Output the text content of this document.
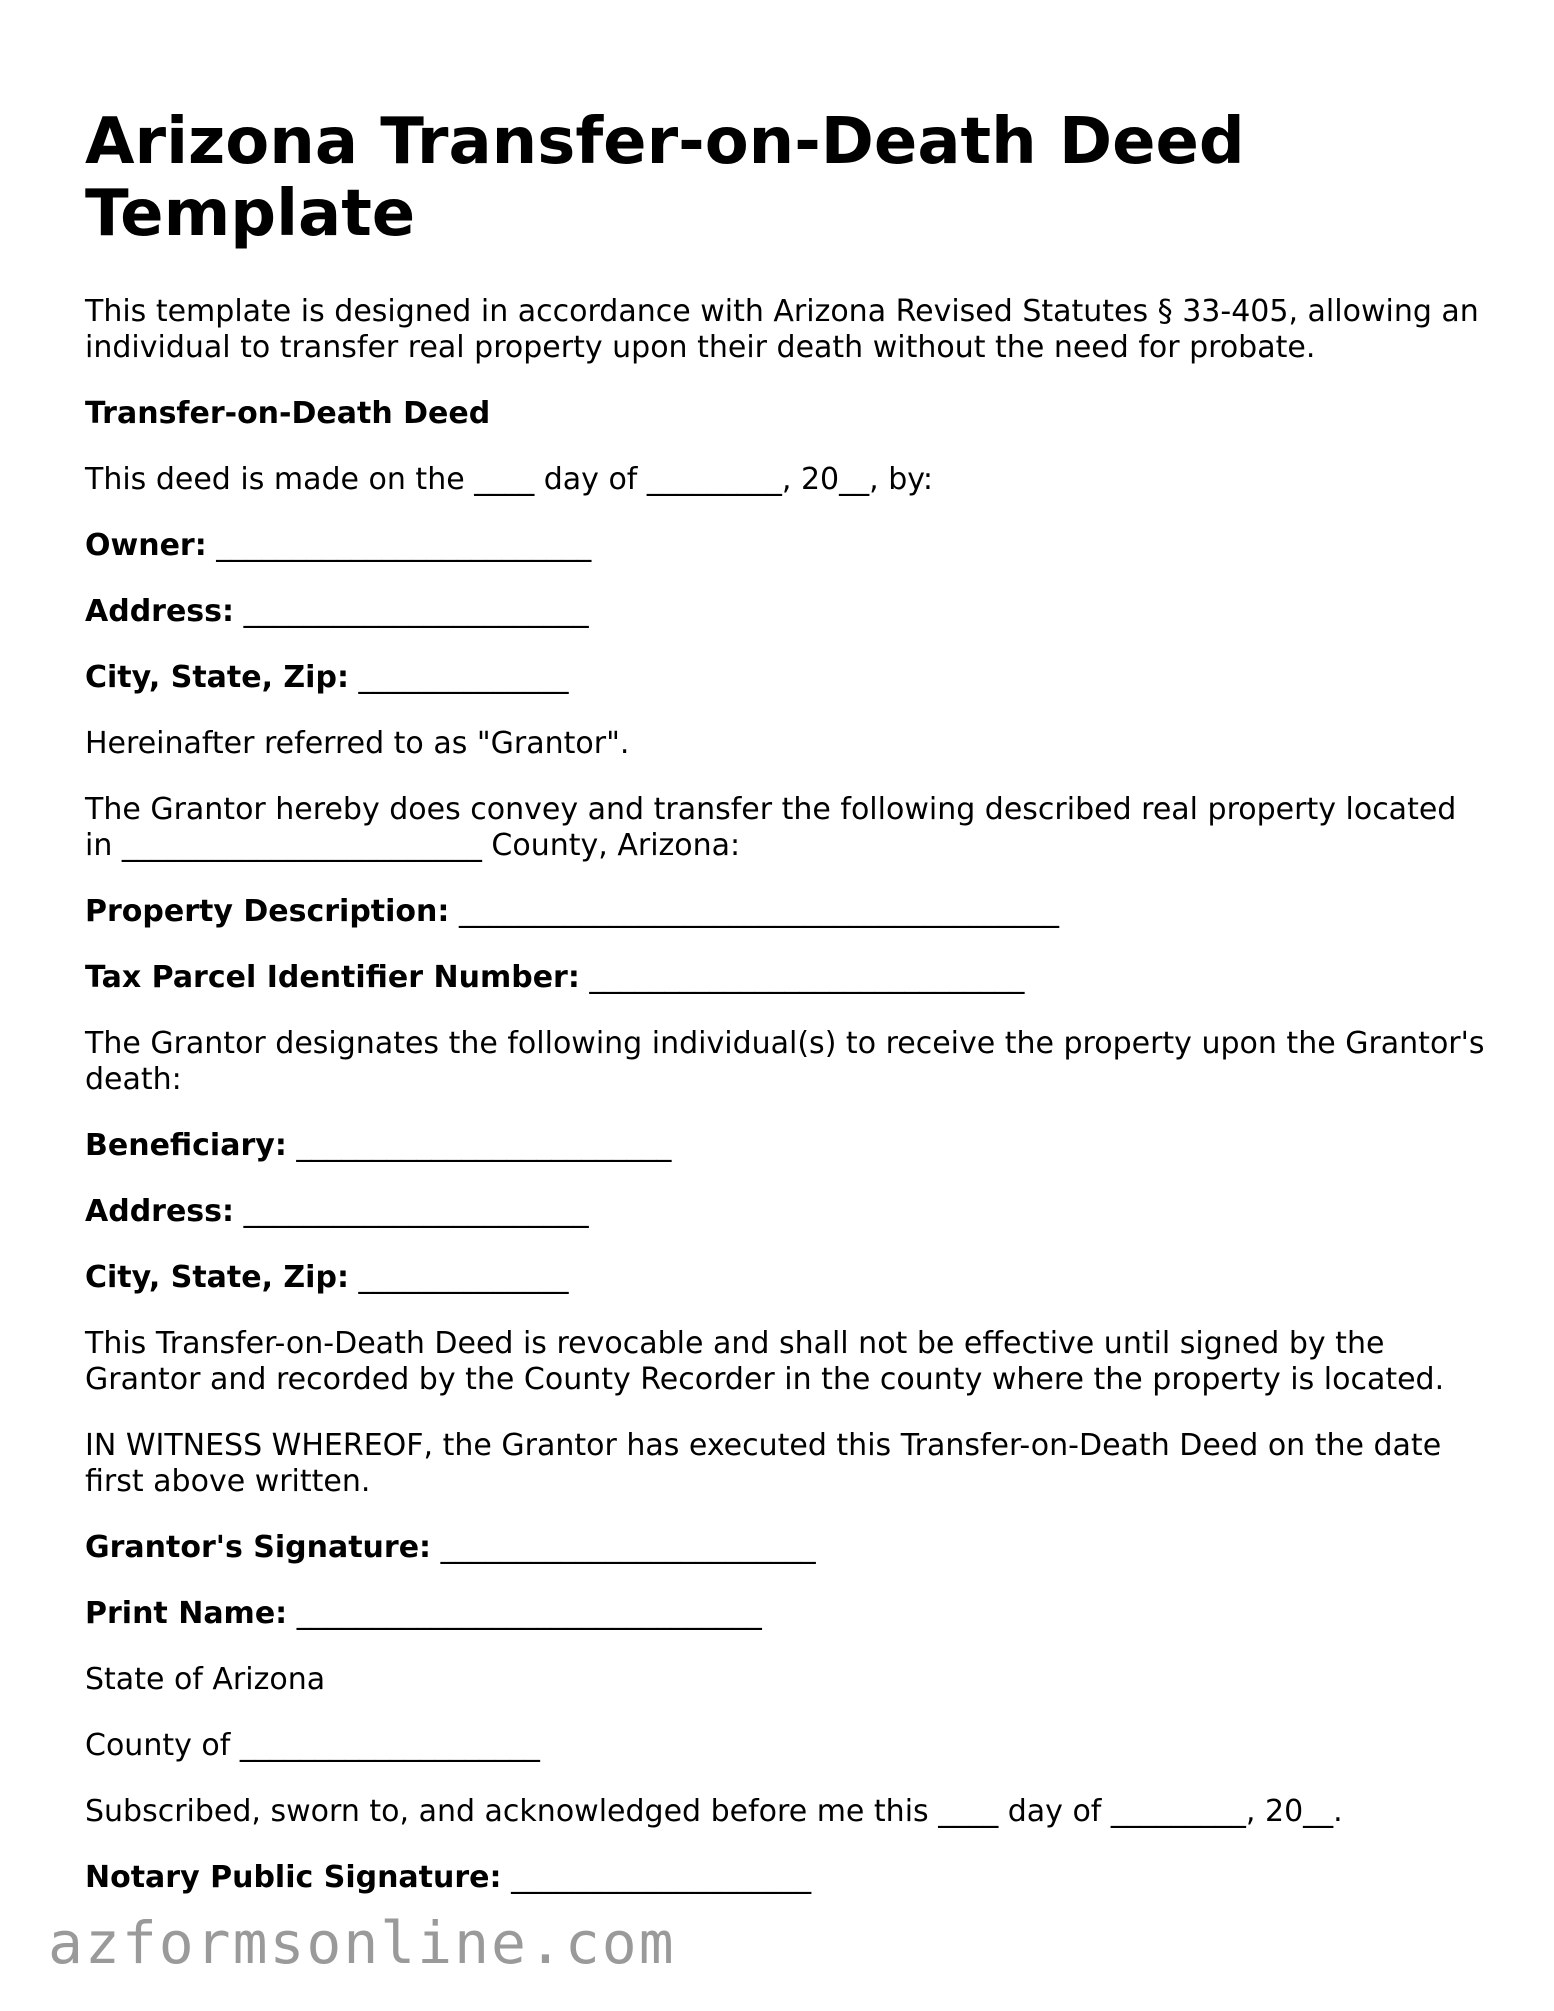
Arizona Transfer-on-Death Deed Template

This template is designed in accordance with Arizona Revised Statutes § 33-405, allowing an individual to transfer real property upon their death without the need for probate.

Transfer-on-Death Deed

This deed is made on the ____ day of _________, 20__, by:

Owner: _________________________
Address: _______________________
City, State, Zip: ______________

Hereinafter referred to as "Grantor".

The Grantor hereby does convey and transfer the following described real property located in ________________________ County, Arizona:

Property Description: ________________________________________
Tax Parcel Identifier Number: _____________________________

The Grantor designates the following individual(s) to receive the property upon the Grantor's death:

Beneficiary: _________________________
Address: _______________________
City, State, Zip: ______________

This Transfer-on-Death Deed is revocable and shall not be effective until signed by the Grantor and recorded by the County Recorder in the county where the property is located.

IN WITNESS WHEREOF, the Grantor has executed this Transfer-on-Death Deed on the date first above written.

Grantor's Signature: _________________________
Print Name: _______________________________

State of Arizona

County of ____________________

Subscribed, sworn to, and acknowledged before me this ____ day of _________, 20__.

Notary Public Signature: ____________________
azformsonline.com
